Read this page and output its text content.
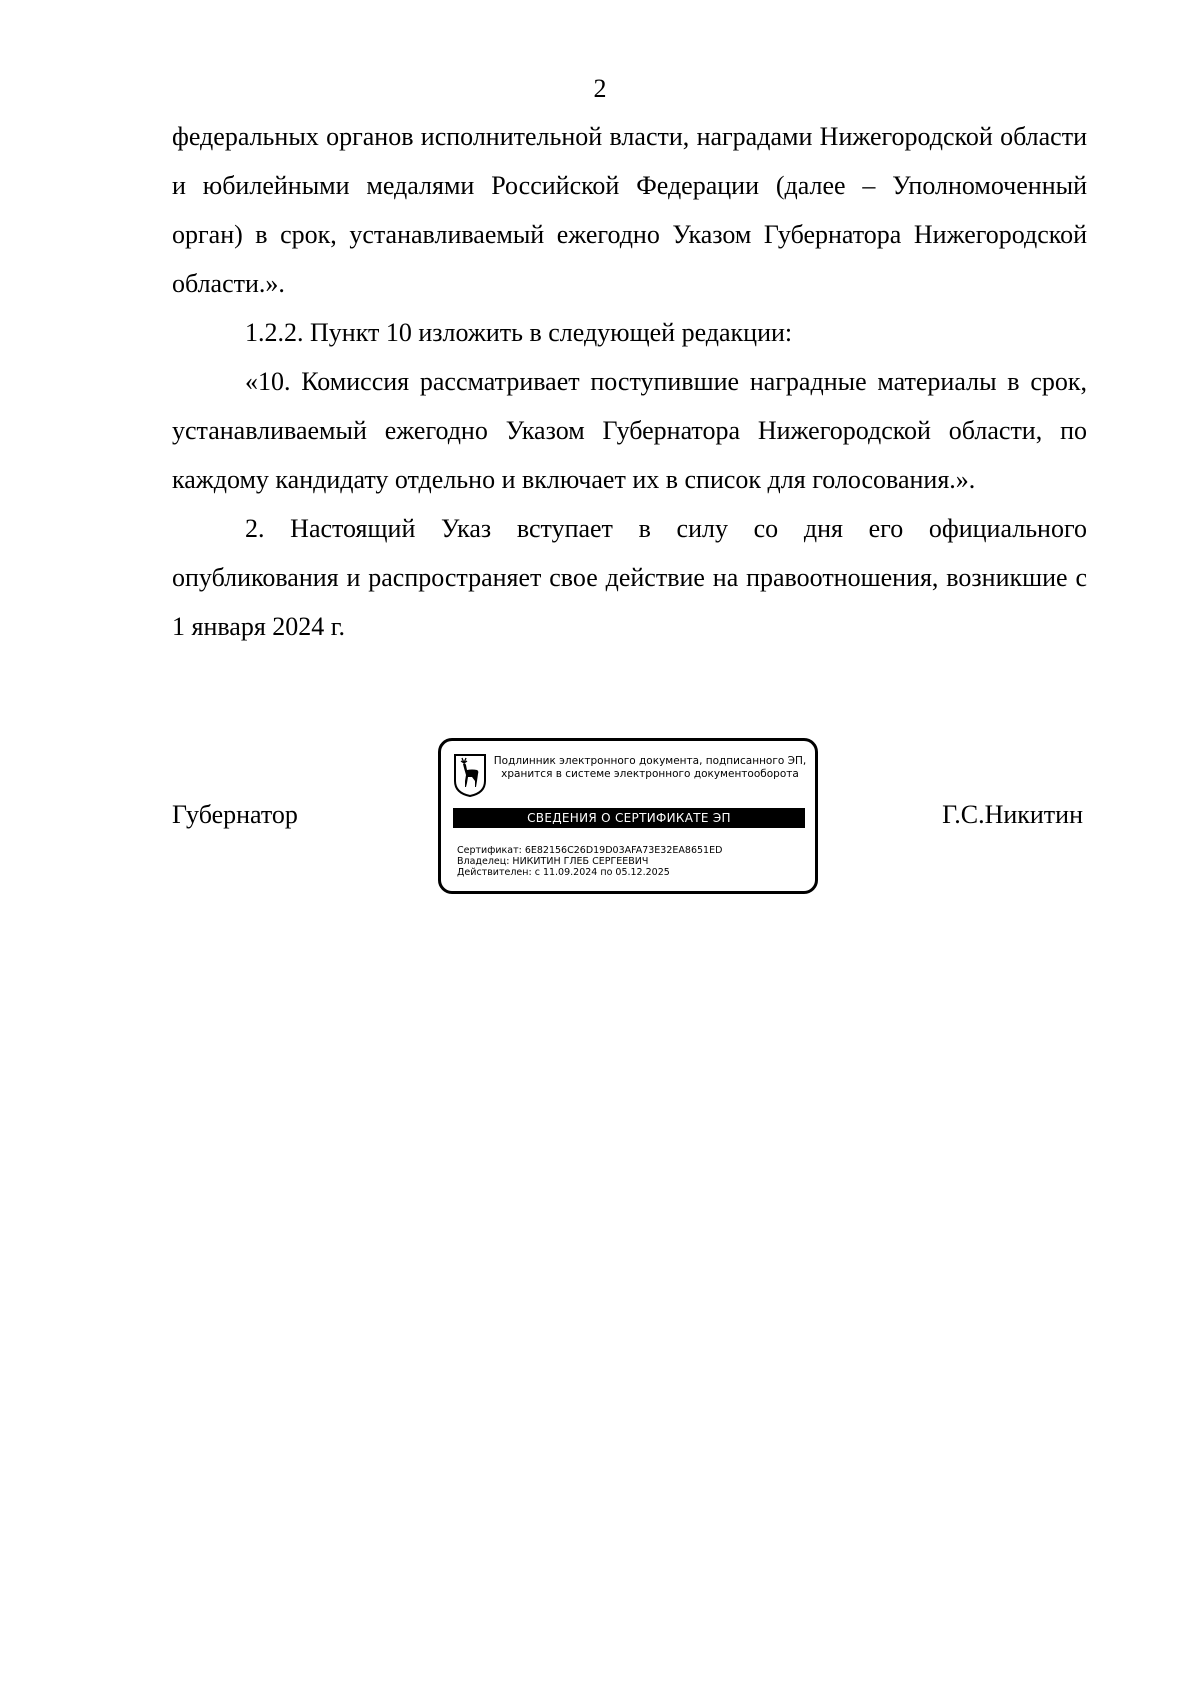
2

федеральных органов исполнительной власти, наградами Нижегородской области и юбилейными медалями Российской Федерации (далее – Уполномоченный орган) в срок, устанавливаемый ежегодно Указом Губернатора Нижегородской области.».

1.2.2. Пункт 10 изложить в следующей редакции:

«10. Комиссия рассматривает поступившие наградные материалы в срок, устанавливаемый ежегодно Указом Губернатора Нижегородской области, по каждому кандидату отдельно и включает их в список для голосования.».

2. Настоящий Указ вступает в силу со дня его официального опубликования и распространяет свое действие на правоотношения, возникшие с 1 января 2024 г.

Губернатор
Подлинник электронного документа, подписанного ЭП,
хранится в системе электронного документооборота
СВЕДЕНИЯ О СЕРТИФИКАТЕ ЭП
Сертификат: 6E82156C26D19D03AFA73E32EA8651ED
Владелец: НИКИТИН ГЛЕБ СЕРГЕЕВИЧ
Действителен: с 11.09.2024 по 05.12.2025
Г.С.Никитин
